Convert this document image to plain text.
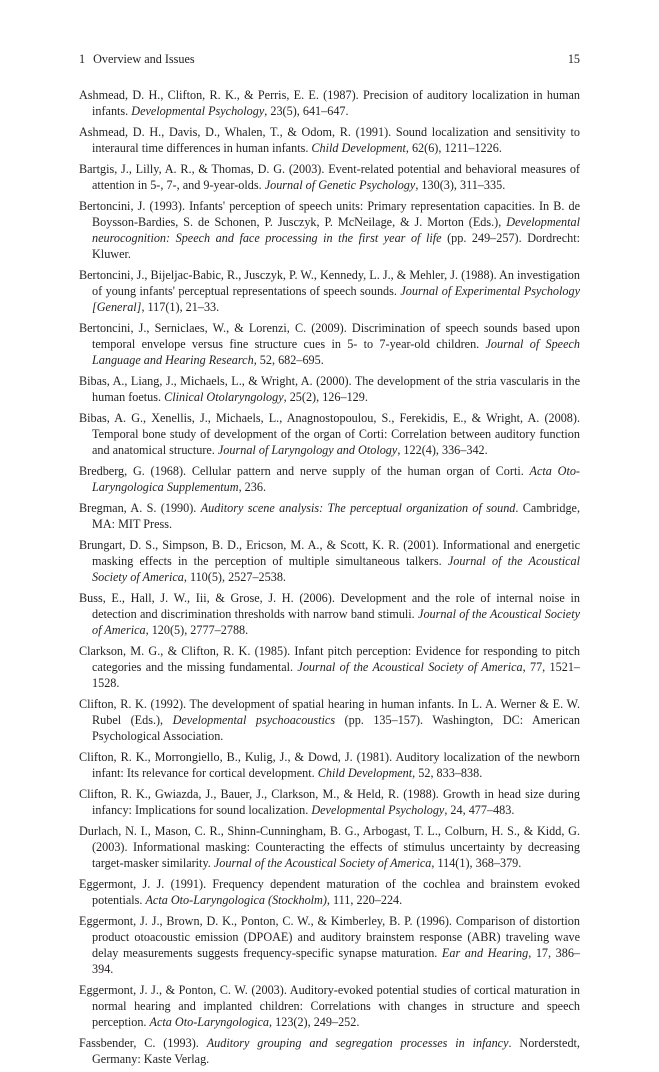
1 Overview and Issues	15
Ashmead, D. H., Clifton, R. K., & Perris, E. E. (1987). Precision of auditory localization in human infants. Developmental Psychology, 23(5), 641–647.
Ashmead, D. H., Davis, D., Whalen, T., & Odom, R. (1991). Sound localization and sensitivity to interaural time differences in human infants. Child Development, 62(6), 1211–1226.
Bartgis, J., Lilly, A. R., & Thomas, D. G. (2003). Event-related potential and behavioral measures of attention in 5-, 7-, and 9-year-olds. Journal of Genetic Psychology, 130(3), 311–335.
Bertoncini, J. (1993). Infants' perception of speech units: Primary representation capacities. In B. de Boysson-Bardies, S. de Schonen, P. Jusczyk, P. McNeilage, & J. Morton (Eds.), Developmental neurocognition: Speech and face processing in the first year of life (pp. 249–257). Dordrecht: Kluwer.
Bertoncini, J., Bijeljac-Babic, R., Jusczyk, P. W., Kennedy, L. J., & Mehler, J. (1988). An investigation of young infants' perceptual representations of speech sounds. Journal of Experimental Psychology [General], 117(1), 21–33.
Bertoncini, J., Serniclaes, W., & Lorenzi, C. (2009). Discrimination of speech sounds based upon temporal envelope versus fine structure cues in 5- to 7-year-old children. Journal of Speech Language and Hearing Research, 52, 682–695.
Bibas, A., Liang, J., Michaels, L., & Wright, A. (2000). The development of the stria vascularis in the human foetus. Clinical Otolaryngology, 25(2), 126–129.
Bibas, A. G., Xenellis, J., Michaels, L., Anagnostopoulou, S., Ferekidis, E., & Wright, A. (2008). Temporal bone study of development of the organ of Corti: Correlation between auditory function and anatomical structure. Journal of Laryngology and Otology, 122(4), 336–342.
Bredberg, G. (1968). Cellular pattern and nerve supply of the human organ of Corti. Acta Oto-Laryngologica Supplementum, 236.
Bregman, A. S. (1990). Auditory scene analysis: The perceptual organization of sound. Cambridge, MA: MIT Press.
Brungart, D. S., Simpson, B. D., Ericson, M. A., & Scott, K. R. (2001). Informational and energetic masking effects in the perception of multiple simultaneous talkers. Journal of the Acoustical Society of America, 110(5), 2527–2538.
Buss, E., Hall, J. W., Iii, & Grose, J. H. (2006). Development and the role of internal noise in detection and discrimination thresholds with narrow band stimuli. Journal of the Acoustical Society of America, 120(5), 2777–2788.
Clarkson, M. G., & Clifton, R. K. (1985). Infant pitch perception: Evidence for responding to pitch categories and the missing fundamental. Journal of the Acoustical Society of America, 77, 1521–1528.
Clifton, R. K. (1992). The development of spatial hearing in human infants. In L. A. Werner & E. W. Rubel (Eds.), Developmental psychoacoustics (pp. 135–157). Washington, DC: American Psychological Association.
Clifton, R. K., Morrongiello, B., Kulig, J., & Dowd, J. (1981). Auditory localization of the newborn infant: Its relevance for cortical development. Child Development, 52, 833–838.
Clifton, R. K., Gwiazda, J., Bauer, J., Clarkson, M., & Held, R. (1988). Growth in head size during infancy: Implications for sound localization. Developmental Psychology, 24, 477–483.
Durlach, N. I., Mason, C. R., Shinn-Cunningham, B. G., Arbogast, T. L., Colburn, H. S., & Kidd, G. (2003). Informational masking: Counteracting the effects of stimulus uncertainty by decreasing target-masker similarity. Journal of the Acoustical Society of America, 114(1), 368–379.
Eggermont, J. J. (1991). Frequency dependent maturation of the cochlea and brainstem evoked potentials. Acta Oto-Laryngologica (Stockholm), 111, 220–224.
Eggermont, J. J., Brown, D. K., Ponton, C. W., & Kimberley, B. P. (1996). Comparison of distortion product otoacoustic emission (DPOAE) and auditory brainstem response (ABR) traveling wave delay measurements suggests frequency-specific synapse maturation. Ear and Hearing, 17, 386–394.
Eggermont, J. J., & Ponton, C. W. (2003). Auditory-evoked potential studies of cortical maturation in normal hearing and implanted children: Correlations with changes in structure and speech perception. Acta Oto-Laryngologica, 123(2), 249–252.
Fassbender, C. (1993). Auditory grouping and segregation processes in infancy. Norderstedt, Germany: Kaste Verlag.
